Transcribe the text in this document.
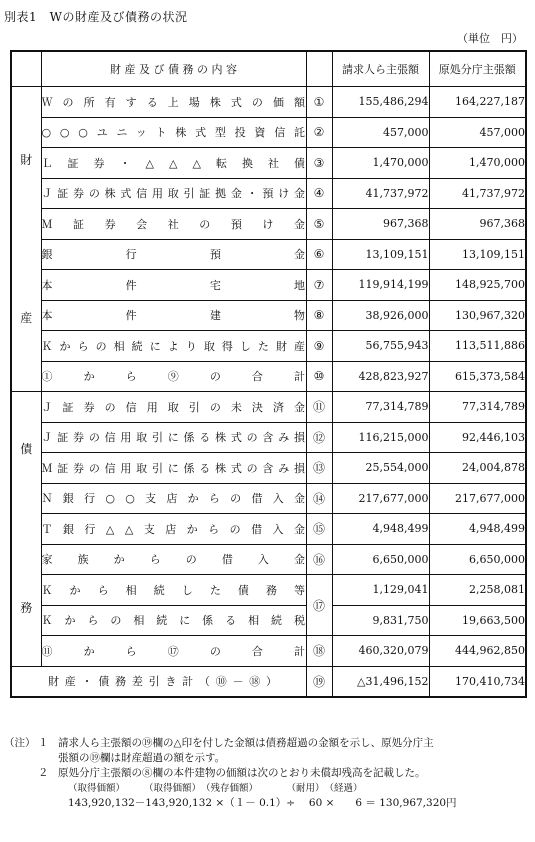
別表1　Wの財産及び債務の状況
（単位　円）
	財 産 及 び 債 務 の 内 容		請求人ら主張額	原処分庁主張額
財

産	Ｗの所有する上場株式の価額	①	155,486,294	164,227,187
	○○○ユニット株式型投資信託	②	457,000	457,000
	Ｌ証券・△△△転換社債	③	1,470,000	1,470,000
	Ｊ証券の株式信用取引証拠金・預け金	④	41,737,972	41,737,972
	Ｍ証券会社の預け金	⑤	967,368	967,368
	銀行預金	⑥	13,109,151	13,109,151
	本件宅地	⑦	119,914,199	148,925,700
	本件建物	⑧	38,926,000	130,967,320
	Ｋからの相続により取得した財産	⑨	56,755,943	113,511,886
	① か ら ⑨ の 合 計	⑩	428,823,927	615,373,584
債

務	Ｊ証券の信用取引の未決済金	⑪	77,314,789	77,314,789
	Ｊ証券の信用取引に係る株式の含み損	⑫	116,215,000	92,446,103
	Ｍ証券の信用取引に係る株式の含み損	⑬	25,554,000	24,004,878
	Ｎ銀行○○支店からの借入金	⑭	217,677,000	217,677,000
	Ｔ銀行△△支店からの借入金	⑮	4,948,499	4,948,499
	家族からの借入金	⑯	6,650,000	6,650,000
	Ｋから相続した債務等	⑰	1,129,041	2,258,081
	Ｋからの相続に係る相続税		9,831,750	19,663,500
	⑪ か ら ⑰ の 合 計	⑱	460,320,079	444,962,850
財産・債務差引き計（⑩－⑱）		⑲	△31,496,152	170,410,734
（注） １ 請求人ら主張額の⑲欄の△印を付した金額は債務超過の金額を示し、原処分庁主
張額の⑲欄は財産超過の額を示す。
２ 原処分庁主張額の⑧欄の本件建物の価額は次のとおり未償却残高を記載した。
（取得価額）　　　（取得価額）　（残存価額）　　　　（耐用）　（経過）
143,920,132－143,920,132 ×（１－ 0.1）÷　 60 ×　　6 ＝ 130,967,320円
